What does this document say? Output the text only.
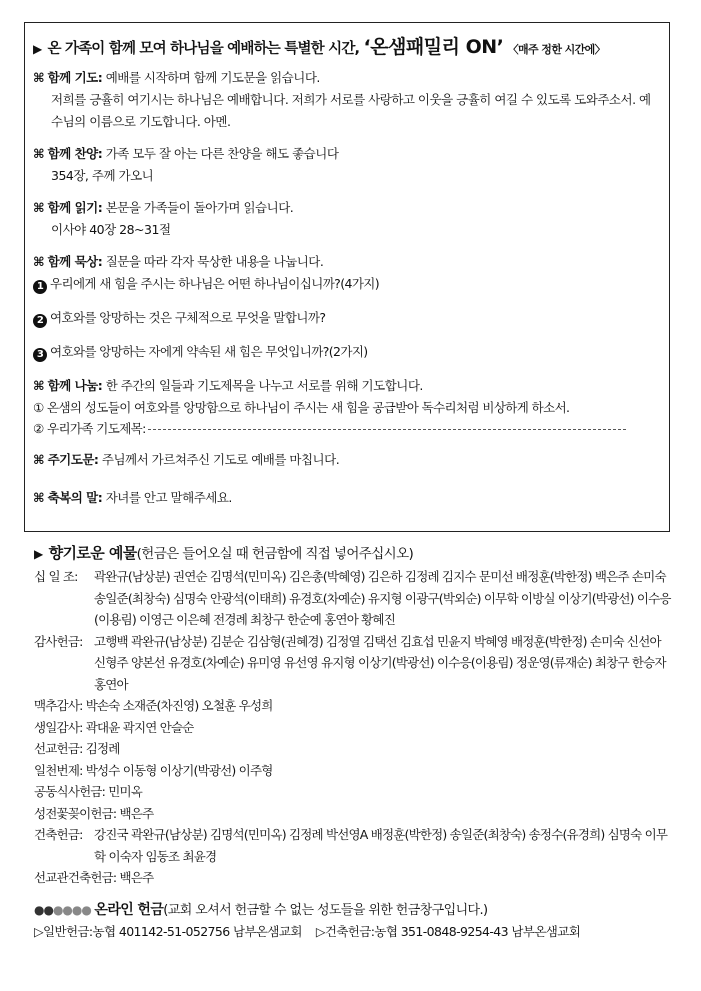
▶ 온 가족이 함께 모여 하나님을 예배하는 특별한 시간, ‘온샘패밀리 ON’ 〈매주 정한 시간에〉
⌘ 함께 기도: 예배를 시작하며 함께 기도문을 읽습니다.
저희를 긍휼히 여기시는 하나님은 예배합니다. 저희가 서로를 사랑하고 이웃을 긍휼히 여길 수 있도록 도와주소서. 예수님의 이름으로 기도합니다. 아멘.
⌘ 함께 찬양: 가족 모두 잘 아는 다른 찬양을 해도 좋습니다
354장, 주께 가오니
⌘ 함께 읽기: 본문을 가족들이 돌아가며 읽습니다.
이사야 40장 28~31절
⌘ 함께 묵상: 질문을 따라 각자 묵상한 내용을 나눕니다.
1 우리에게 새 힘을 주시는 하나님은 어떤 하나님이십니까?(4가지)
2 여호와를 앙망하는 것은 구체적으로 무엇을 말합니까?
3 여호와를 앙망하는 자에게 약속된 새 힘은 무엇입니까?(2가지)
⌘ 함께 나눔: 한 주간의 일들과 기도제목을 나누고 서로를 위해 기도합니다.
① 온샘의 성도들이 여호와를 앙망함으로 하나님이 주시는 새 힘을 공급받아 독수리처럼 비상하게 하소서.
② 우리가족 기도제목:
⌘ 주기도문: 주님께서 가르쳐주신 기도로 예배를 마칩니다.
⌘ 축복의 말: 자녀를 안고 말해주세요.
▶ 향기로운 예물(헌금은 들어오실 때 헌금함에 직접 넣어주십시오)
십 일 조:	곽완규(남상분) 권연순 김명석(민미옥) 김은총(박혜영) 김은하 김정례 김지수 문미선 배정훈(박한정) 백은주 손미숙 송일준(최창숙) 심명숙 안광석(이태희) 유경호(차예순) 유지형 이광구(박외순) 이무학 이방실 이상기(박광선) 이수응(이용림) 이영근 이은혜 전경례 최창구 한순예 홍연아 황혜진
감사헌금: 고행백 곽완규(남상분) 김분순 김삼형(권혜경) 김정열 김택선 김효섭 민윤지 박혜영 배정훈(박한정) 손미숙 신선아 신형주 양본선 유경호(차예순) 유미영 유선영 유지형 이상기(박광선) 이수응(이용림) 정운영(류재순) 최창구 한승자 홍연아
맥추감사:
박손숙 소재준(차진영) 오철훈 우성희
생일감사:
곽대윤 곽지연 안슬순
선교헌금:
김정례
일천번제:
박성수 이동형 이상기(박광선) 이주형
공동식사헌금:
민미옥
성전꽃꽂이헌금:
백은주
건축헌금: 강진국 곽완규(남상분) 김명석(민미옥) 김정례 박선영A 배정훈(박한정) 송일준(최창숙) 송정수(유경희) 심명숙 이무학 이숙자 임동조 최윤경
선교관건축헌금:
백은주
●●●●●● 온라인 헌금(교회 오셔서 헌금할 수 없는 성도들을 위한 헌금창구입니다.)
▷일반헌금:농협 401142-51-052756 남부온샘교회 ▷건축헌금:농협 351-0848-9254-43 남부온샘교회
